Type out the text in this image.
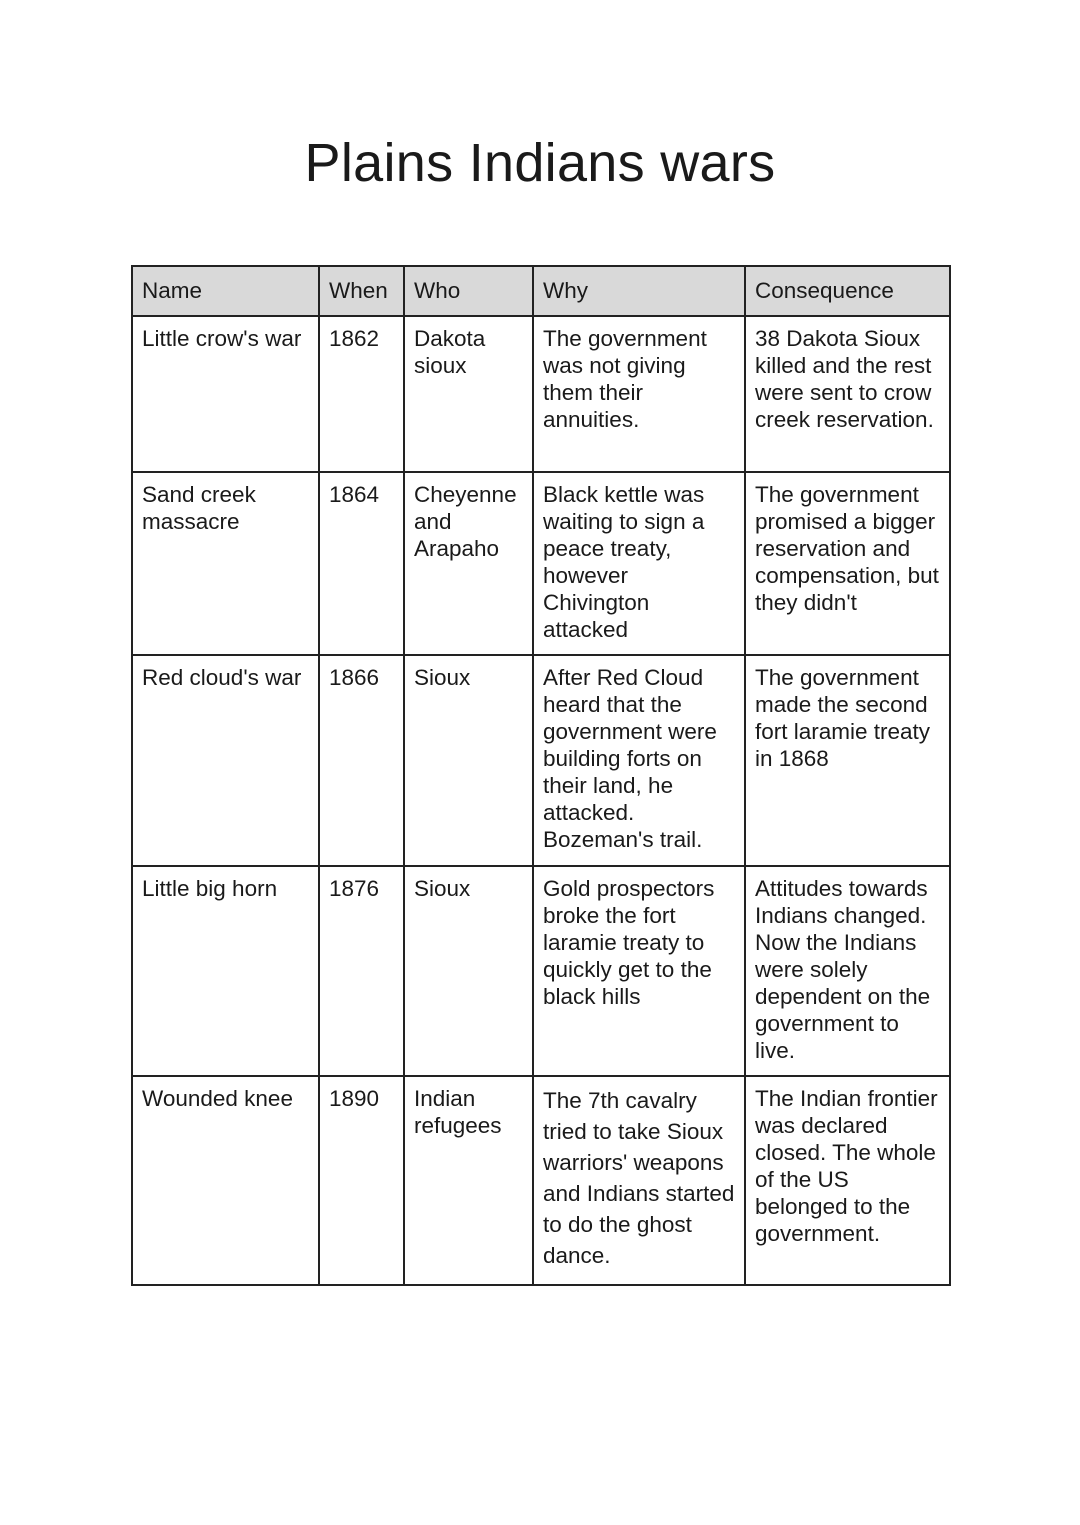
Plains Indians wars
Name	When	Who	Why	Consequence
Little crow's war	1862	Dakota sioux	The government was not giving them their annuities.	38 Dakota Sioux killed and the rest were sent to crow creek reservation.
Sand creek massacre	1864	Cheyenne and Arapaho	Black kettle was waiting to sign a peace treaty, however Chivington attacked	The government promised a bigger reservation and compensation, but they didn't
Red cloud's war	1866	Sioux	After Red Cloud heard that the government were building forts on their land, he attacked. Bozeman's trail.	The government made the second fort laramie treaty in 1868
Little big horn	1876	Sioux	Gold prospectors broke the fort laramie treaty to quickly get to the black hills	Attitudes towards Indians changed. Now the Indians were solely dependent on the government to live.
Wounded knee	1890	Indian refugees	The 7th cavalry tried to take Sioux warriors' weapons and Indians started to do the ghost dance.	The Indian frontier was declared closed. The whole of the US belonged to the government.
